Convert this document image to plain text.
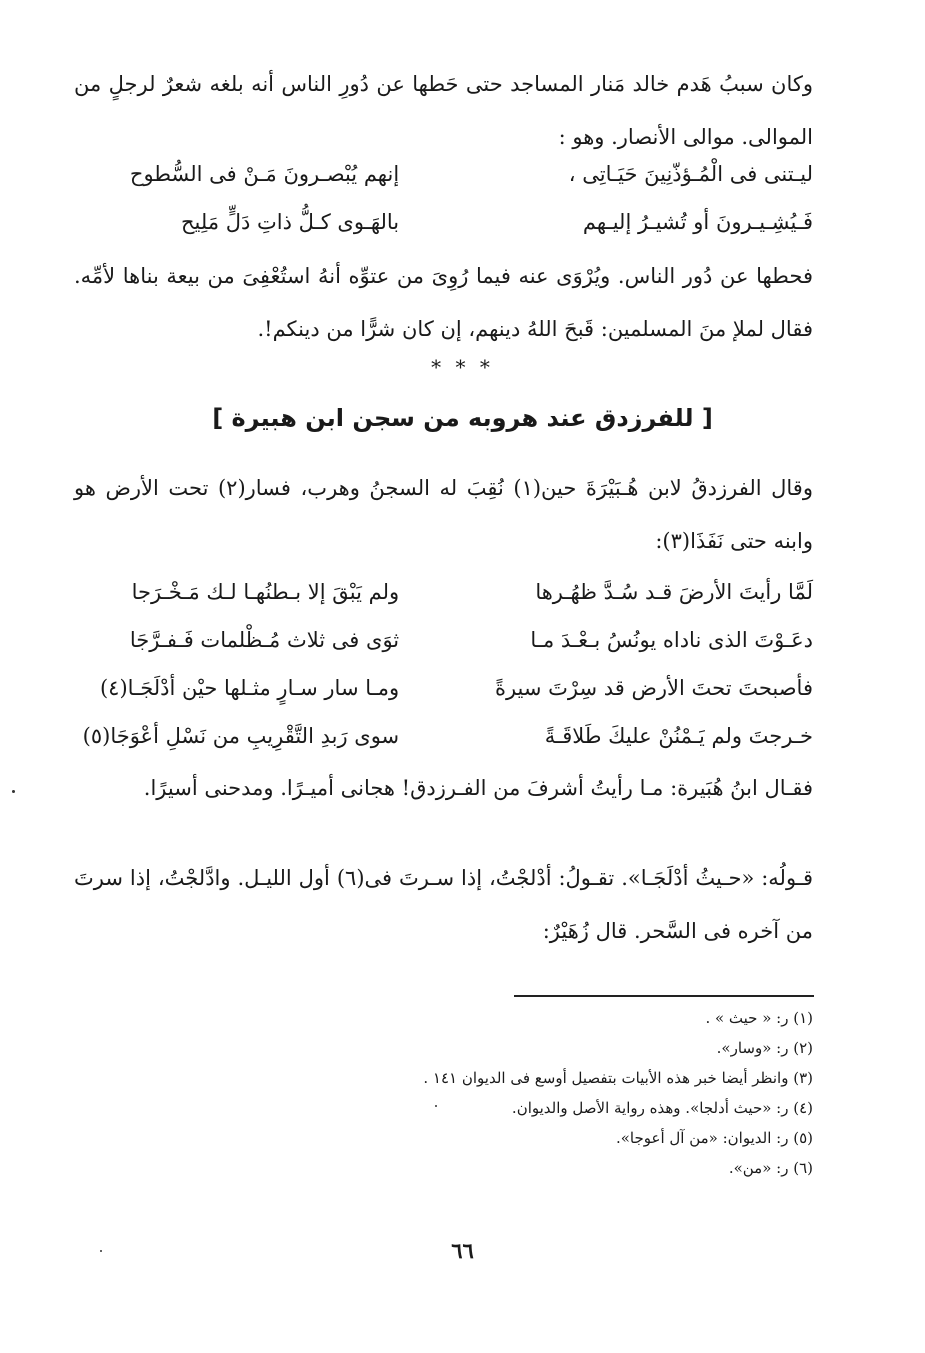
وكان سببُ هَدم خالد مَنار المساجد حتى حَطها عن دُورِ الناس أنه بلغه شعرٌ لرجلٍ من الموالى. موالى الأنصار. وهو :

ليـتنى فى الْمُـؤذّنِينَ حَيَـاتِى ،
إنهم يُبْصـرونَ مَـنْ فى السُّطوح
فَـيُشِـيـرونَ أو تُشيـرُ إليـهم
بالهَـوى كـلُّ ذاتِ دَلٍّ مَلِيح

فحطها عن دُور الناس. ويُرْوَى عنه فيما رُوِىَ من عتوِّه أنهُ استُعْفِىَ من بيعة بناها لأمِّه. فقال لملإ منَ المسلمين: قَبحَ اللهُ دينهم، إن كان شرًّا من دينكم!.

* * *
[ للفرزدق عند هروبه من سجن ابن هبيرة ]

وقال الفرزدقُ لابن هُـبَيْرَةَ حين(١) نُقِبَ له السجنُ وهرب، فسار(٢) تحت الأرض هو وابنه حتى نَفَذَا(٣):

لَمَّا رأيتَ الأرضَ قـد سُـدَّ ظهُـرها
ولم يَبْقَ إلا بـطنُهـا لـك مَـخْـرَجا
دعَـوْتَ الذى ناداه يونُسُ بـعْـدَ مـا
ثوَى فى ثلاث مُـظْلمات فَـفـرَّجَا
فأصبحتَ تحتَ الأرض قد سِرْتَ سيرةً
ومـا سار سـارٍ مثـلها حيْن أدْلَجَـا(٤)
خـرجتَ ولم يَـمْنُنْ عليكَ طَلاقَـةً
سوى رَبدِ التَّقْرِيبِ من نَسْلِ أعْوَجَا(٥)

فقـال ابنُ هُبَيرة: مـا رأيتُ أشرفَ من الفـرزدق! هجانى أميـرًا. ومدحنى أسيرًا.

قـولُه: «حـيثُ أدْلَجَـا». تقـولُ: أدْلجْتُ، إذا سـرتَ فى(٦) أول الليـل. وادَّلجْتُ، إذا سرتَ من آخره فى السَّحر. قال زُهَيْرٌ:

(١) ر: « حيث » .
(٢) ر: «وسار».
(٣) وانظر أيضا خبر هذه الأبيات بتفصيل أوسع فى الديوان ١٤١ .
(٤) ر: «حيث أدلجا». وهذه رواية الأصل والديوان.
(٥) ر: الديوان: «من آل أعوجا».
(٦) ر: «من».
٦٦
